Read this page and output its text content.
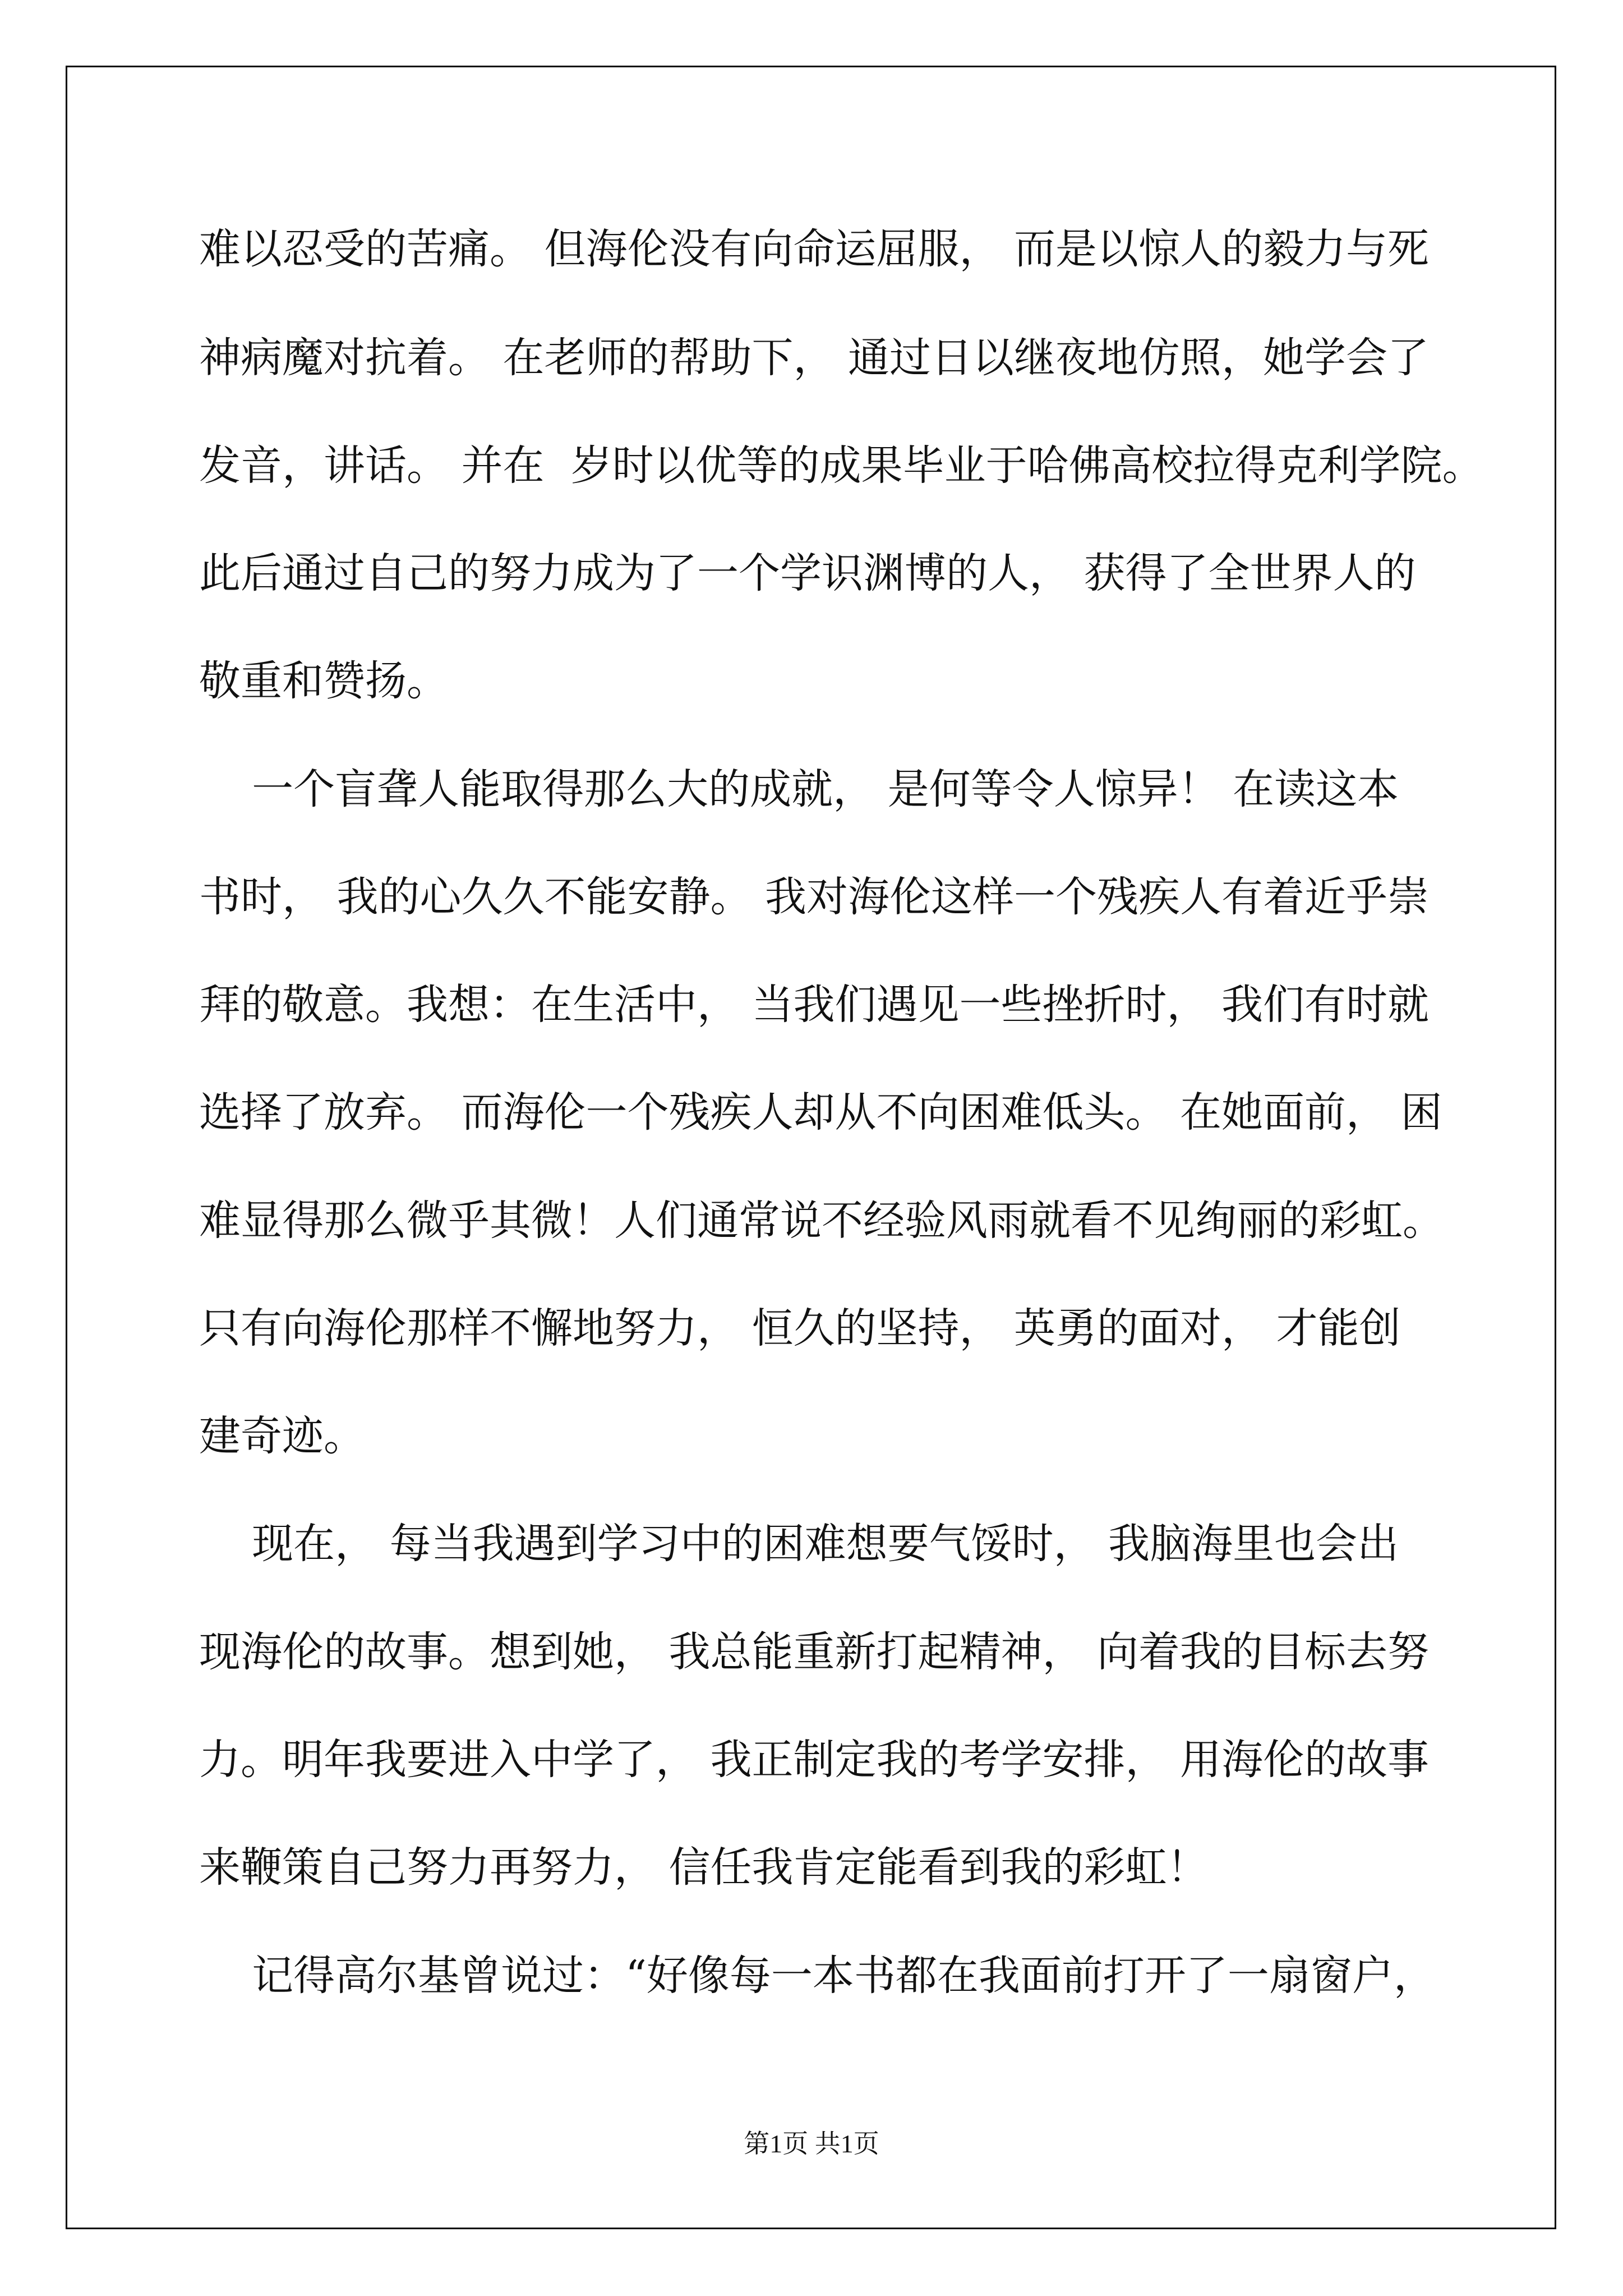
难以忍受的苦痛。 但海伦没有向命运屈服， 而是以惊人的毅力与死
神病魔对抗着。 在老师的帮助下， 通过日以继夜地仿照，她学会了
发音，讲话。 并在  岁时以优等的成果毕业于哈佛高校拉得克利学院。
此后通过自己的努力成为了一个学识渊博的人， 获得了全世界人的
敬重和赞扬。
一个盲聋人能取得那么大的成就， 是何等令人惊异！ 在读这本
书时， 我的心久久不能安静。 我对海伦这样一个残疾人有着近乎崇
拜的敬意。我想：在生活中， 当我们遇见一些挫折时， 我们有时就
选择了放弃。 而海伦一个残疾人却从不向困难低头。 在她面前， 困
难显得那么微乎其微！人们通常说不经验风雨就看不见绚丽的彩虹。
只有向海伦那样不懈地努力， 恒久的坚持， 英勇的面对， 才能创
建奇迹。
现在， 每当我遇到学习中的困难想要气馁时， 我脑海里也会出
现海伦的故事。想到她， 我总能重新打起精神， 向着我的目标去努
力。明年我要进入中学了， 我正制定我的考学安排， 用海伦的故事
来鞭策自己努力再努力， 信任我肯定能看到我的彩虹！
记得高尔基曾说过：“好像每一本书都在我面前打开了一扇窗户，
第1页 共1页
